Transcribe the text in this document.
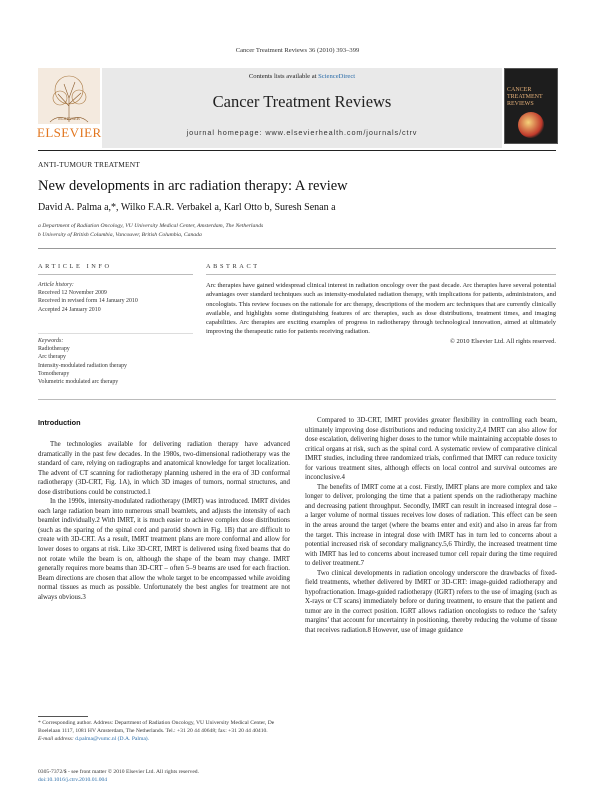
Cancer Treatment Reviews 36 (2010) 393–399
Contents lists available at ScienceDirect
Cancer Treatment Reviews
journal homepage: www.elsevierhealth.com/journals/ctrv
ELSEVIER
ELSEVIER
CANCER TREATMENT REVIEWS
ANTI-TUMOUR TREATMENT
New developments in arc radiation therapy: A review
David A. Palma a,*, Wilko F.A.R. Verbakel a, Karl Otto b, Suresh Senan a
a Department of Radiation Oncology, VU University Medical Center, Amsterdam, The Netherlands
b University of British Columbia, Vancouver, British Columbia, Canada
ARTICLE INFO	ABSTRACT
Article history:
Received 12 November 2009
Received in revised form 14 January 2010
Accepted 24 January 2010
Keywords:
Radiotherapy
Arc therapy
Intensity-modulated radiation therapy
Tomotherapy
Volumetric modulated arc therapy
Arc therapies have gained widespread clinical interest in radiation oncology over the past decade. Arc therapies have several potential advantages over standard techniques such as intensity-modulated radiation therapy, with implications for patients, administrators, and oncologists. This review focuses on the rationale for arc therapy, descriptions of the modern arc techniques that are currently clinically available, and highlights some distinguishing features of arc therapies, such as dose distributions, treatment times, and imaging capabilities. Arc therapies are exciting examples of progress in radiotherapy through technological innovation, aimed at ultimately improving the therapeutic ratio for patients receiving radiation.
© 2010 Elsevier Ltd. All rights reserved.
Introduction

The technologies available for delivering radiation therapy have advanced dramatically in the past few decades. In the 1980s, two-dimensional radiotherapy was the standard of care, relying on radiographs and anatomical knowledge for target localization. The advent of CT scanning for radiotherapy planning ushered in the era of 3D conformal radiotherapy (3D-CRT, Fig. 1A), in which 3D images of tumors, normal structures, and dose distributions could be constructed.1

In the 1990s, intensity-modulated radiotherapy (IMRT) was introduced. IMRT divides each large radiation beam into numerous small beamlets, and adjusts the intensity of each beamlet individually.2 With IMRT, it is much easier to achieve complex dose distributions (such as the sparing of the spinal cord and parotid shown in Fig. 1B) that are difficult to create with 3D-CRT. As a result, IMRT treatment plans are more conformal and allow for lower doses to organs at risk. Like 3D-CRT, IMRT is delivered using fixed beams that do not rotate while the beam is on, although the shape of the beam may change. IMRT generally requires more beams than 3D-CRT – often 5–9 beams are used for each fraction. Beam directions are chosen that allow the whole target to be encompassed while avoiding normal tissues as much as possible. Unfortunately the best angles for treatment are not always obvious.3

Compared to 3D-CRT, IMRT provides greater flexibility in controlling each beam, ultimately improving dose distributions and reducing toxicity.2,4 IMRT can also allow for dose escalation, delivering higher doses to the tumor while maintaining acceptable doses to critical organs at risk, such as the spinal cord. A systematic review of comparative clinical IMRT studies, including three randomized trials, confirmed that IMRT can reduce toxicity for various treatment sites, although effects on local control and survival outcomes are inconclusive.4

The benefits of IMRT come at a cost. Firstly, IMRT plans are more complex and take longer to deliver, prolonging the time that a patient spends on the radiotherapy machine and decreasing patient throughput. Secondly, IMRT can result in increased integral dose – a larger volume of normal tissues receives low doses of radiation. This effect can be seen in the areas around the target (where the beams enter and exit) and also in areas far from the target. This increase in integral dose with IMRT has in turn led to concerns about a potential increased risk of secondary malignancy.5,6 Thirdly, the increased treatment time with IMRT has led to concerns about increased tumor cell repair during the time required to deliver treatment.7

Two clinical developments in radiation oncology underscore the drawbacks of fixed-field treatments, whether delivered by IMRT or 3D-CRT: image-guided radiotherapy and hypofractionation. Image-guided radiotherapy (IGRT) refers to the use of imaging (such as X-rays or CT scans) immediately before or during treatment, to ensure that the patient and tumor are in the correct position. IGRT allows radiation oncologists to reduce the ‘safety margins’ that account for uncertainty in positioning, thereby reducing the volume of tissue that receives radiation.8 However, use of image guidance

* Corresponding author. Address: Department of Radiation Oncology, VU University Medical Center, De Boelelaan 1117, 1081 HV Amsterdam, The Netherlands. Tel.: +31 20 44 40648; fax: +31 20 44 40410.
E-mail address: d.palma@vumc.nl (D.A. Palma).
0305-7372/$ - see front matter © 2010 Elsevier Ltd. All rights reserved.
doi:10.1016/j.ctrv.2010.01.004
